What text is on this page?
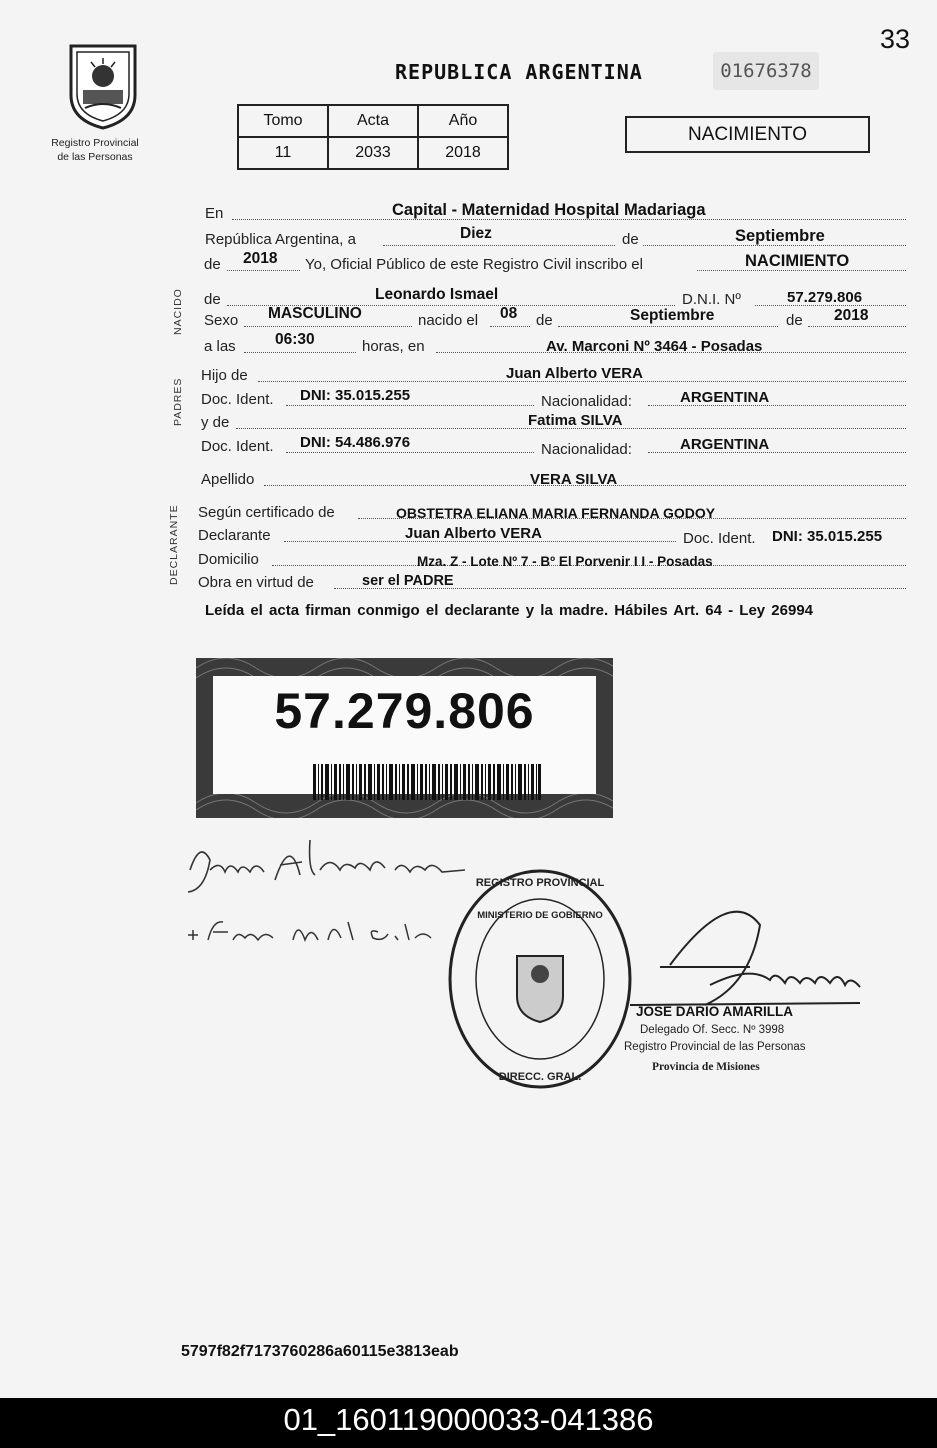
33
Registro Provincial
de las Personas
REPUBLICA ARGENTINA	01676378
Tomo	Acta	Año
11	2033	2018
NACIMIENTO
NACIDO
PADRES
DECLARANTE
En	Capital - Maternidad Hospital Madariaga
República Argentina, a	Diez	de	Septiembre
de 2018 Yo, Oficial Público de este Registro Civil inscribo el	NACIMIENTO
de	Leonardo Ismael	D.N.I. Nº	57.279.806
Sexo MASCULINO	nacido el 08 de	Septiembre	de 2018
a las	06:30	horas, en	Av. Marconi Nº 3464 - Posadas
Hijo de	Juan Alberto VERA
Doc. Ident. DNI: 35.015.255	Nacionalidad:	ARGENTINA
y de	Fatima SILVA
Doc. Ident. DNI: 54.486.976	Nacionalidad:	ARGENTINA
Apellido	VERA SILVA
Según certificado de	OBSTETRA ELIANA MARIA FERNANDA GODOY
Declarante	Juan Alberto VERA	Doc. Ident. DNI: 35.015.255
Domicilio	Mza. Z - Lote Nº 7 - Bº El Porvenir I I - Posadas
Obra en virtud de	ser el PADRE
Leída el acta firman conmigo el declarante y la madre. Hábiles Art. 64 - Ley 26994
57.279.806
REGISTRO PROVINCIAL
DIRECC. GRAL.
MINISTERIO DE GOBIERNO
JOSE DARIO AMARILLA
Delegado Of. Secc. Nº 3998
Registro Provincial de las Personas
Provincia de Misiones
5797f82f7173760286a60115e3813eab
01_160119000033-041386
